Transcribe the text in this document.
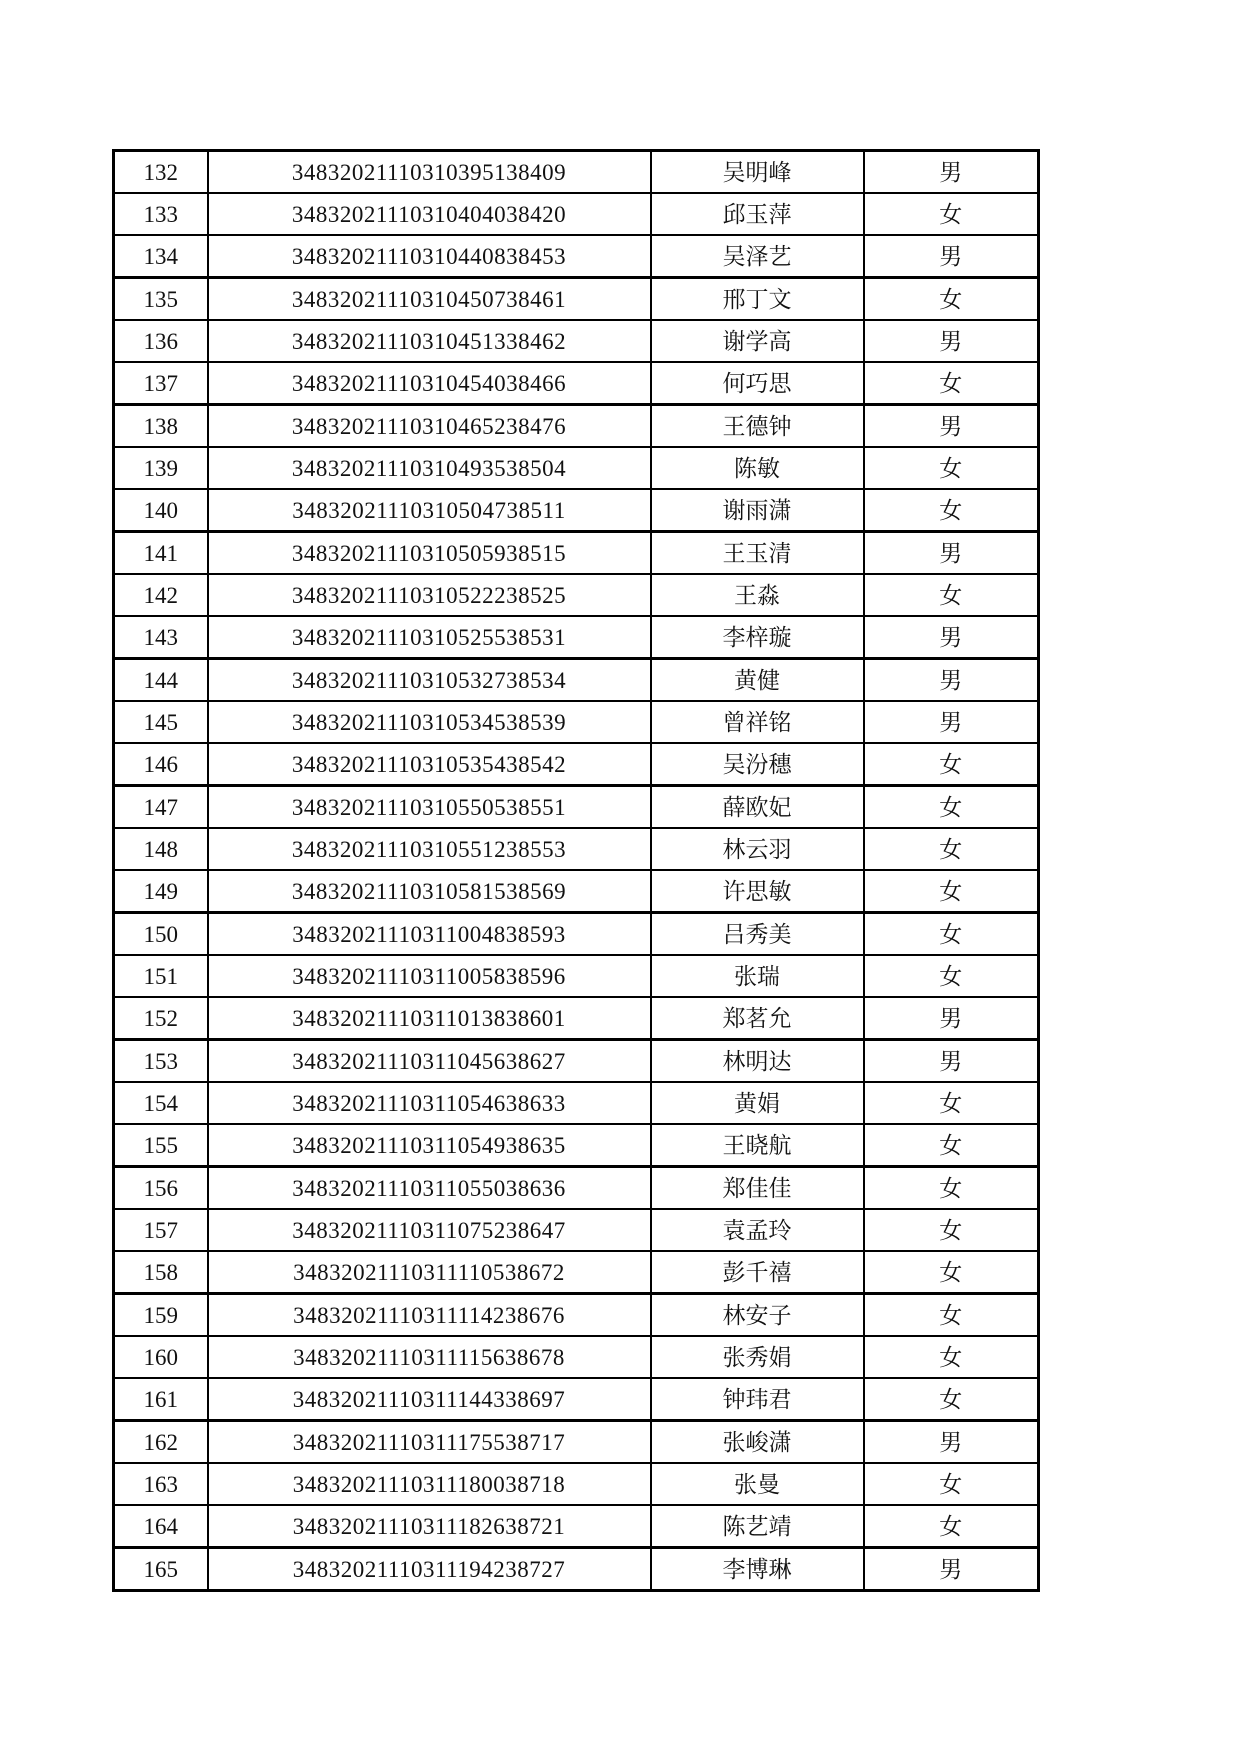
132	34832021110310395138409	吴明峰	男
133	34832021110310404038420	邱玉萍	女
134	34832021110310440838453	吴泽艺	男
135	34832021110310450738461	邢丁文	女
136	34832021110310451338462	谢学高	男
137	34832021110310454038466	何巧思	女
138	34832021110310465238476	王德钟	男
139	34832021110310493538504	陈敏	女
140	34832021110310504738511	谢雨潇	女
141	34832021110310505938515	王玉清	男
142	34832021110310522238525	王淼	女
143	34832021110310525538531	李梓璇	男
144	34832021110310532738534	黄健	男
145	34832021110310534538539	曾祥铭	男
146	34832021110310535438542	吴汾穗	女
147	34832021110310550538551	薛欧妃	女
148	34832021110310551238553	林云羽	女
149	34832021110310581538569	许思敏	女
150	34832021110311004838593	吕秀美	女
151	34832021110311005838596	张瑞	女
152	34832021110311013838601	郑茗允	男
153	34832021110311045638627	林明达	男
154	34832021110311054638633	黄娟	女
155	34832021110311054938635	王晓航	女
156	34832021110311055038636	郑佳佳	女
157	34832021110311075238647	袁孟玲	女
158	34832021110311110538672	彭千禧	女
159	34832021110311114238676	林安子	女
160	34832021110311115638678	张秀娟	女
161	34832021110311144338697	钟玮君	女
162	34832021110311175538717	张峻潇	男
163	34832021110311180038718	张曼	女
164	34832021110311182638721	陈艺靖	女
165	34832021110311194238727	李博琳	男
